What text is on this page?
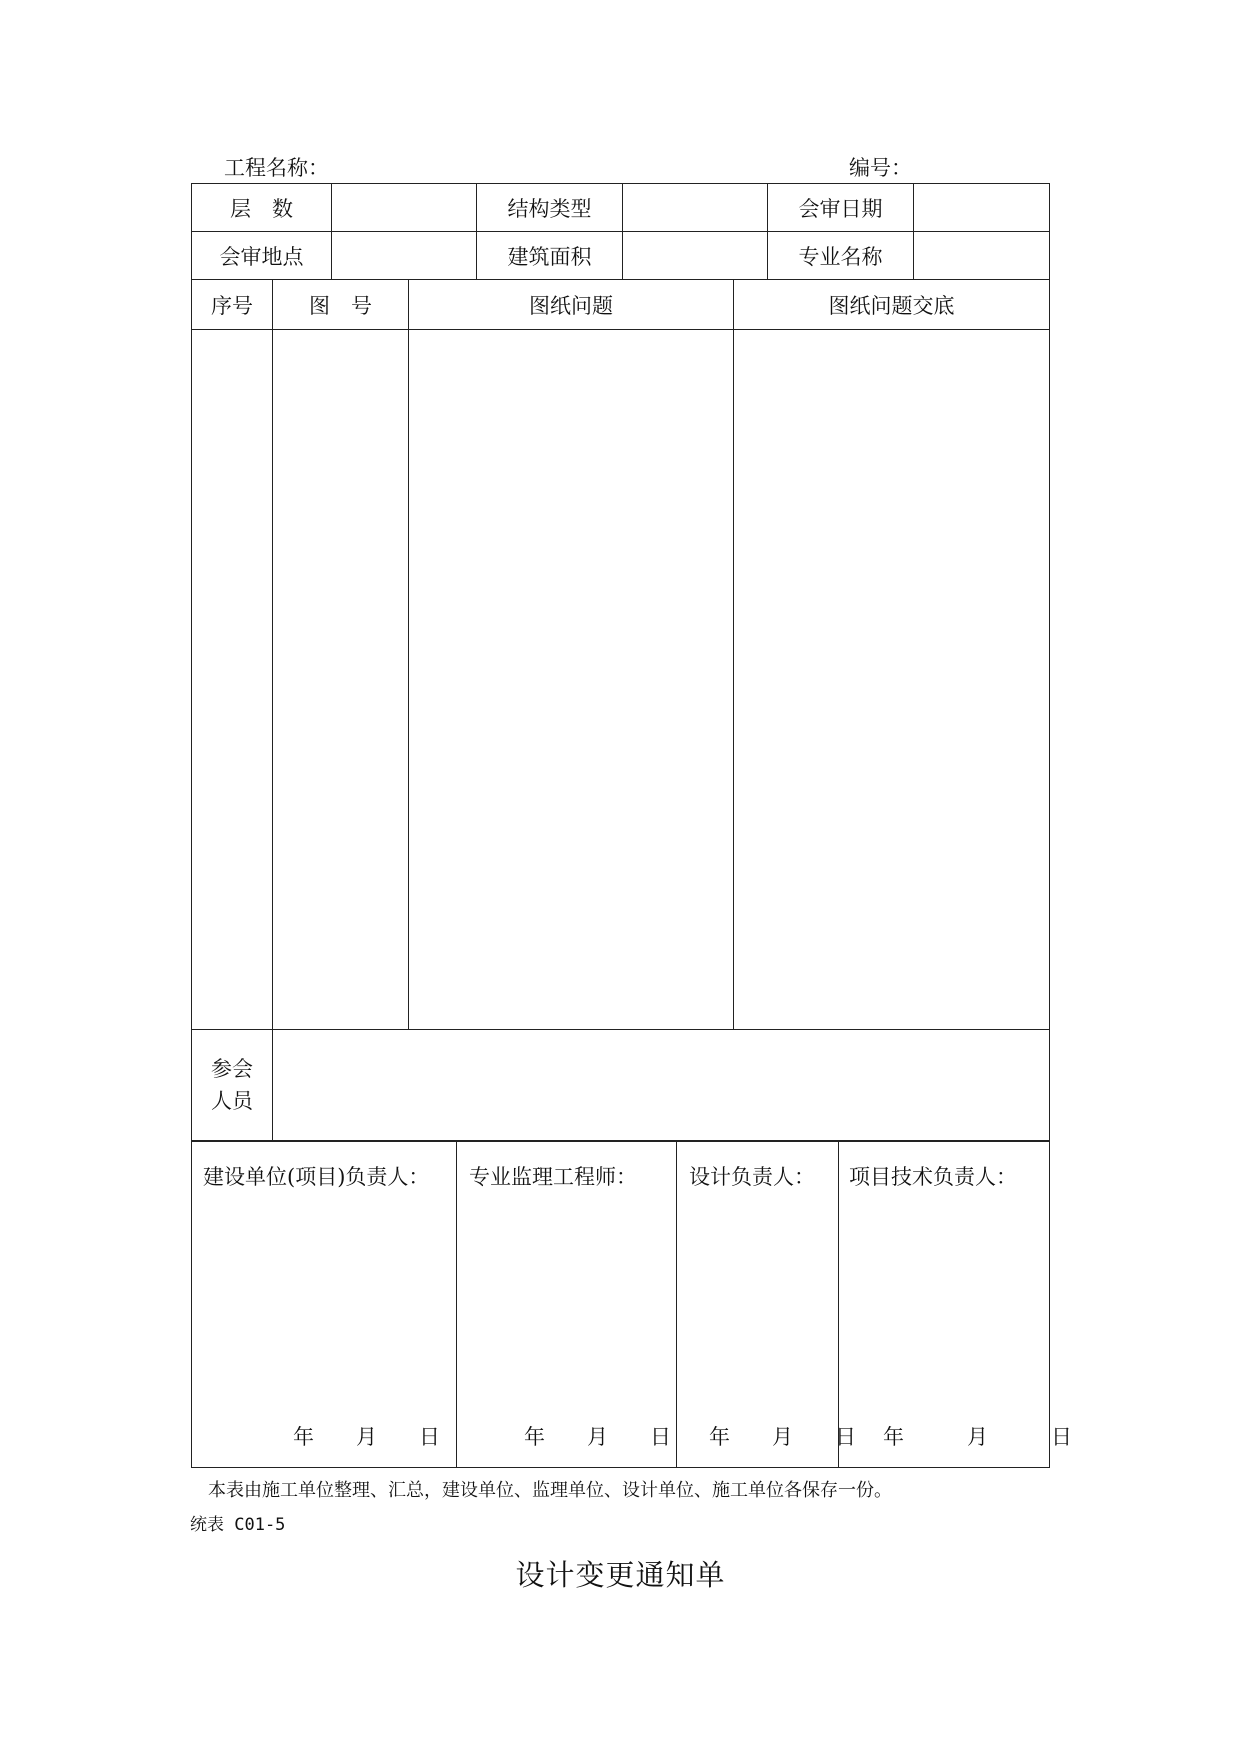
工程名称：	编号：
层　数	结构类型	会审日期
会审地点	建筑面积	专业名称
序号	图　号	图纸问题	图纸问题交底
参会
人员
建设单位(项目)负责人： 专业监理工程师： 设计负责人： 项目技术负责人：
年　　月　　日	年　　月　　日 年　　月　　日 年　　　月　　　日
本表由施工单位整理、汇总，建设单位、监理单位、设计单位、施工单位各保存一份。
统表 C01-5
设计变更通知单
